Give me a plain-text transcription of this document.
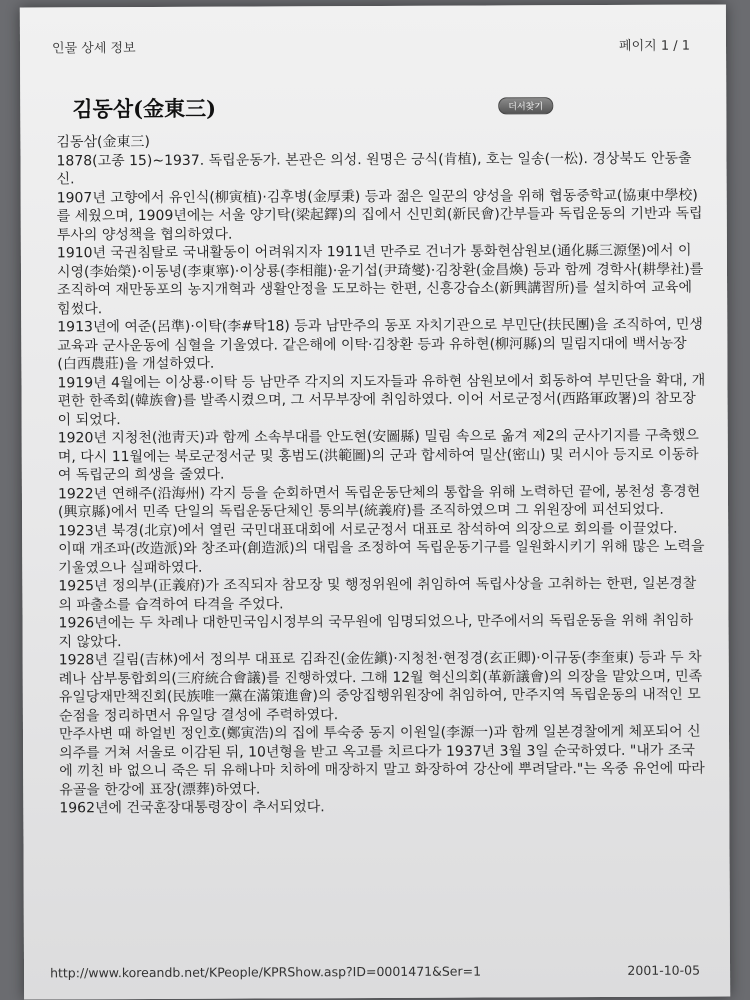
인물 상세 정보	페이지 1 / 1
김동삼(金東三)	더서찾기

김동삼(金東三)

1878(고종 15)~1937. 독립운동가. 본관은 의성. 원명은 긍식(肯植), 호는 일송(一松). 경상북도 안동출신.

1907년 고향에서 유인식(柳寅植)·김후병(金厚秉) 등과 젊은 일꾼의 양성을 위해 협동중학교(協東中學校)를 세웠으며, 1909년에는 서울 양기탁(梁起鐸)의 집에서 신민회(新民會)간부들과 독립운동의 기반과 독립투사의 양성책을 협의하였다.

1910년 국권침탈로 국내활동이 어려워지자 1911년 만주로 건너가 통화현삼원보(通化縣三源堡)에서 이시영(李始榮)·이동녕(李東寧)·이상룡(李相龍)·윤기섭(尹琦燮)·김창환(金昌煥) 등과 함께 경학사(耕學社)를 조직하여 재만동포의 농지개혁과 생활안정을 도모하는 한편, 신흥강습소(新興講習所)를 설치하여 교육에 힘썼다.

1913년에 여준(呂準)·이탁(李#탁18) 등과 남만주의 동포 자치기관으로 부민단(扶民團)을 조직하여, 민생교육과 군사운동에 심혈을 기울였다. 같은해에 이탁·김창환 등과 유하현(柳河縣)의 밀림지대에 백서농장(白西農莊)을 개설하였다.

1919년 4월에는 이상룡·이탁 등 남만주 각지의 지도자들과 유하현 삼원보에서 회동하여 부민단을 확대, 개편한 한족회(韓族會)를 발족시켰으며, 그 서무부장에 취임하였다. 이어 서로군정서(西路軍政署)의 참모장이 되었다.

1920년 지청천(池靑天)과 함께 소속부대를 안도현(安圖縣) 밀림 속으로 옮겨 제2의 군사기지를 구축했으며, 다시 11월에는 북로군정서군 및 홍범도(洪範圖)의 군과 합세하여 밀산(密山) 및 러시아 등지로 이동하여 독립군의 희생을 줄였다.

1922년 연해주(沿海州) 각지 등을 순회하면서 독립운동단체의 통합을 위해 노력하던 끝에, 봉천성 흥경현(興京縣)에서 민족 단일의 독립운동단체인 통의부(統義府)를 조직하였으며 그 위원장에 피선되었다.

1923년 북경(北京)에서 열린 국민대표대회에 서로군정서 대표로 참석하여 의장으로 회의를 이끌었다.

이때 개조파(改造派)와 창조파(創造派)의 대립을 조정하여 독립운동기구를 일원화시키기 위해 많은 노력을 기울였으나 실패하였다.

1925년 정의부(正義府)가 조직되자 참모장 및 행정위원에 취임하여 독립사상을 고취하는 한편, 일본경찰의 파출소를 습격하여 타격을 주었다.

1926년에는 두 차례나 대한민국임시정부의 국무원에 임명되었으나, 만주에서의 독립운동을 위해 취임하지 않았다.

1928년 길림(吉林)에서 정의부 대표로 김좌진(金佐鎭)·지청천·현정경(玄正卿)·이규동(李奎東) 등과 두 차례나 삼부통합회의(三府統合會議)를 진행하였다. 그해 12월 혁신의회(革新議會)의 의장을 맡았으며, 민족유일당재만책진회(民族唯一黨在滿策進會)의 중앙집행위원장에 취임하여, 만주지역 독립운동의 내적인 모순점을 정리하면서 유일당 결성에 주력하였다.

만주사변 때 하얼빈 정인호(鄭寅浩)의 집에 투숙중 동지 이원일(李源一)과 함께 일본경찰에게 체포되어 신의주를 거쳐 서울로 이감된 뒤, 10년형을 받고 옥고를 치르다가 1937년 3월 3일 순국하였다. "내가 조국에 끼친 바 없으니 죽은 뒤 유해나마 치하에 매장하지 말고 화장하여 강산에 뿌려달라."는 옥중 유언에 따라 유골을 한강에 표장(漂葬)하였다.

1962년에 건국훈장대통령장이 추서되었다.

http://www.koreandb.net/KPeople/KPRShow.asp?ID=0001471&Ser=1	2001-10-05
